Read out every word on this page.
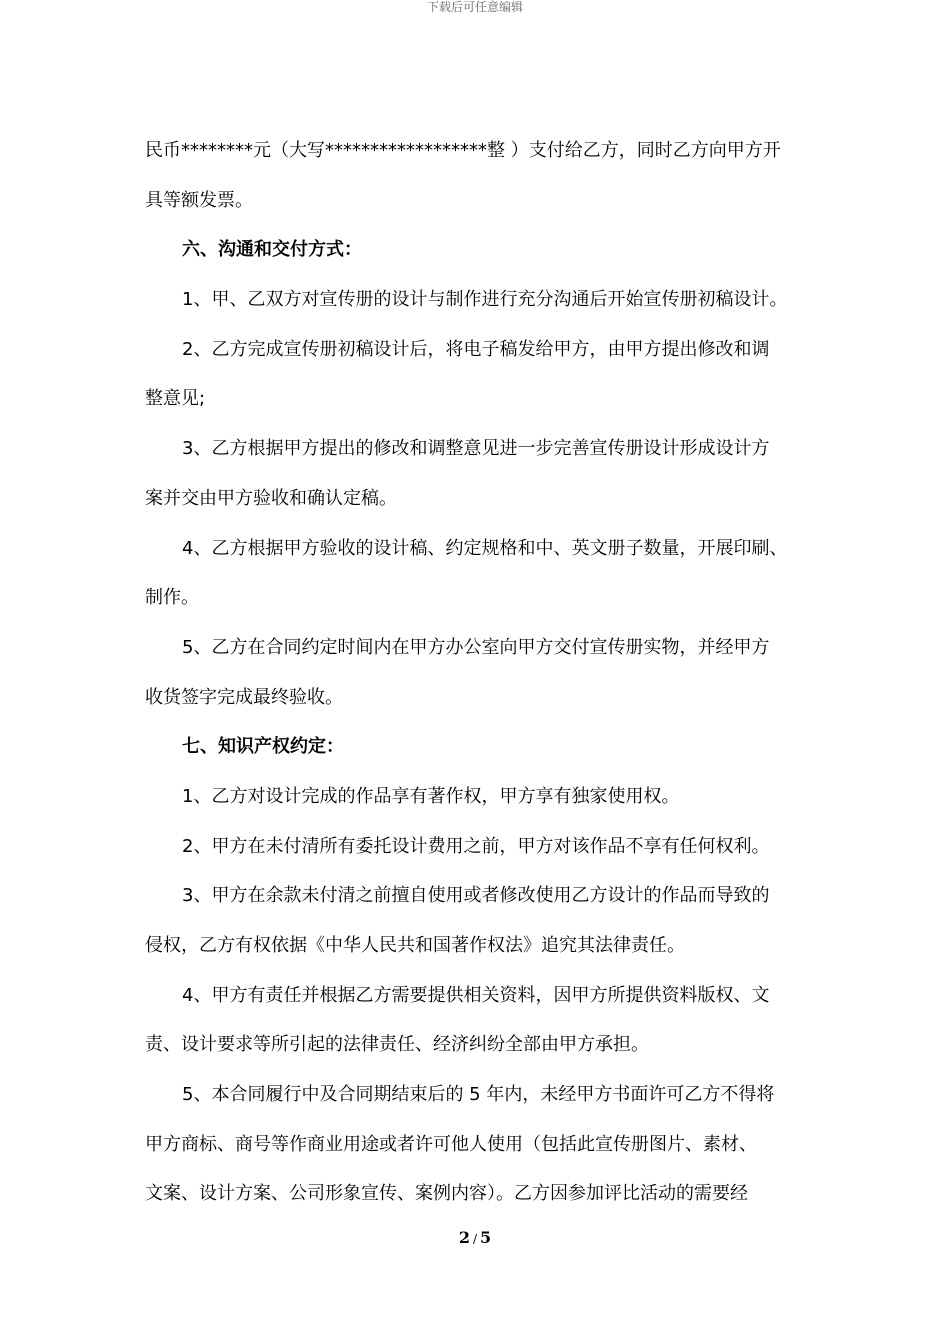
下载后可任意编辑
民币********元（大写******************整 ）支付给乙方，同时乙方向甲方开
具等额发票。
六、沟通和交付方式：
1、甲、乙双方对宣传册的设计与制作进行充分沟通后开始宣传册初稿设计。
2、乙方完成宣传册初稿设计后，将电子稿发给甲方，由甲方提出修改和调
整意见;
3、乙方根据甲方提出的修改和调整意见进一步完善宣传册设计形成设计方
案并交由甲方验收和确认定稿。
4、乙方根据甲方验收的设计稿、约定规格和中、英文册子数量，开展印刷、
制作。
5、乙方在合同约定时间内在甲方办公室向甲方交付宣传册实物，并经甲方
收货签字完成最终验收。
七、知识产权约定：
1、乙方对设计完成的作品享有著作权，甲方享有独家使用权。
2、甲方在未付清所有委托设计费用之前，甲方对该作品不享有任何权利。
3、甲方在余款未付清之前擅自使用或者修改使用乙方设计的作品而导致的
侵权，乙方有权依据《中华人民共和国著作权法》追究其法律责任。
4、甲方有责任并根据乙方需要提供相关资料，因甲方所提供资料版权、文
责、设计要求等所引起的法律责任、经济纠纷全部由甲方承担。
5、本合同履行中及合同期结束后的 5 年内，未经甲方书面许可乙方不得将
甲方商标、商号等作商业用途或者许可他人使用（包括此宣传册图片、素材、
文案、设计方案、公司形象宣传、案例内容）。乙方因参加评比活动的需要经
2 / 5
